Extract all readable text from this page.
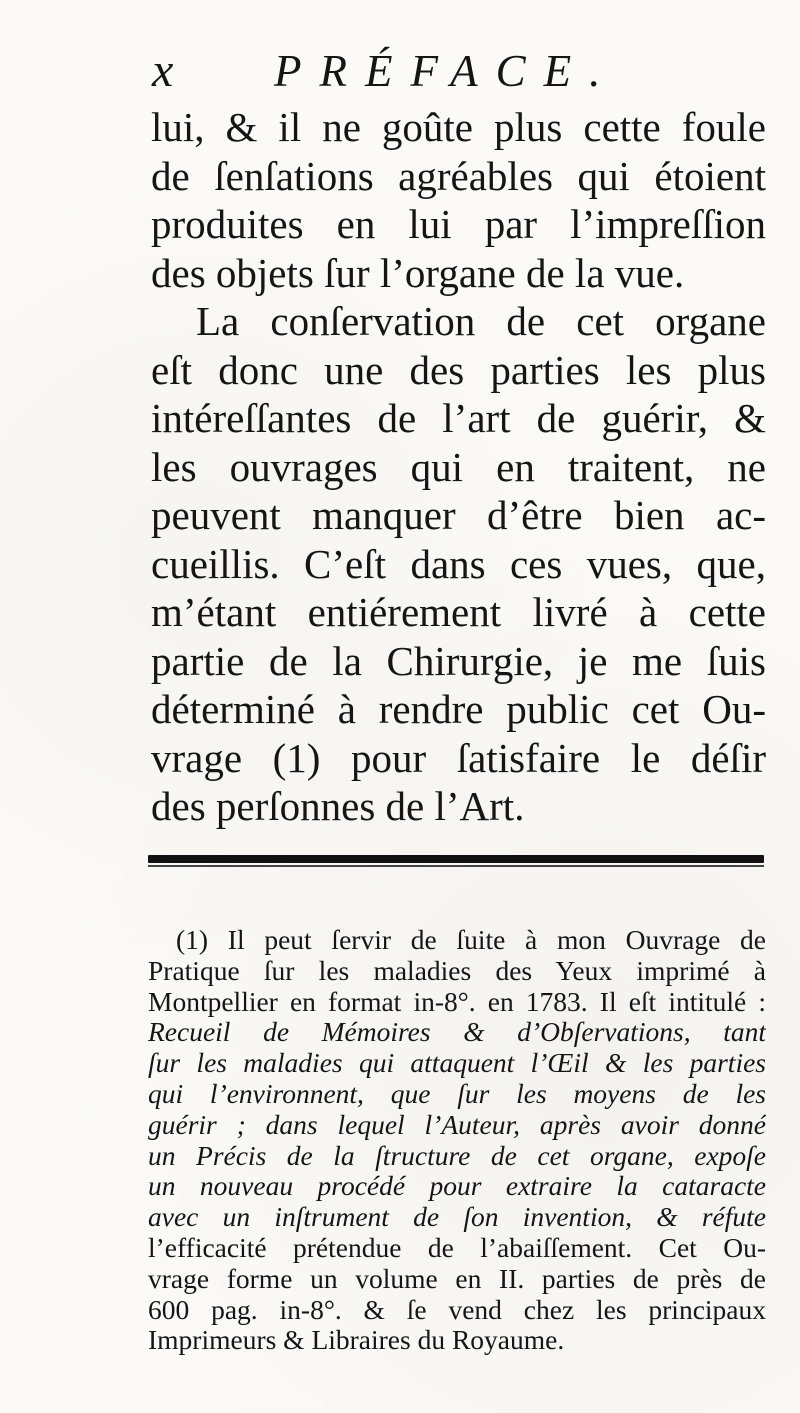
x PRÉFACE.
lui, & il ne goûte plus cette foule
de ſenſations agréables qui étoient
produites en lui par l’impreſſion
des objets ſur l’organe de la vue.
La conſervation de cet organe
eſt donc une des parties les plus
intéreſſantes de l’art de guérir, &
les ouvrages qui en traitent, ne
peuvent manquer d’être bien ac-
cueillis. C’eſt dans ces vues, que,
m’étant entiérement livré à cette
partie de la Chirurgie, je me ſuis
déterminé à rendre public cet Ou-
vrage (1) pour ſatisfaire le déſir
des perſonnes de l’Art.
(1) Il peut ſervir de ſuite à mon Ouvrage de
Pratique ſur les maladies des Yeux imprimé à
Montpellier en format in-8°. en 1783. Il eſt intitulé :
Recueil de Mémoires & d’Obſervations, tant
ſur les maladies qui attaquent l’Œil & les parties
qui l’environnent, que ſur les moyens de les
guérir ; dans lequel l’Auteur, après avoir donné
un Précis de la ſtructure de cet organe, expoſe
un nouveau procédé pour extraire la cataracte
avec un inſtrument de ſon invention, & réfute
l’efficacité prétendue de l’abaiſſement. Cet Ou-
vrage forme un volume en II. parties de près de
600 pag. in-8°. & ſe vend chez les principaux
Imprimeurs & Libraires du Royaume.
